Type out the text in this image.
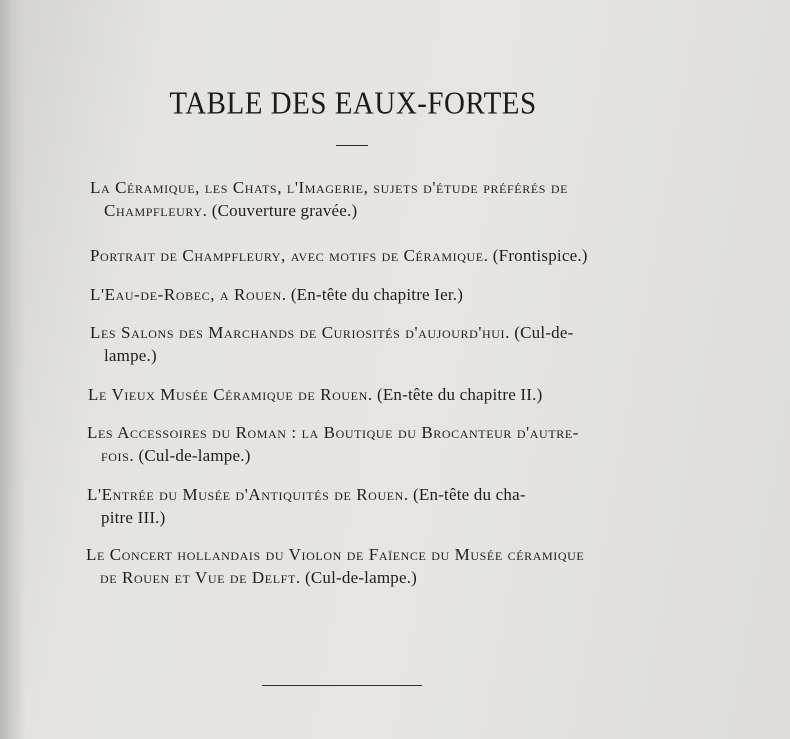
TABLE DES EAUX-FORTES

La Céramique, les Chats, l'Imagerie, sujets d'étude préférés de
Champfleury. (Couverture gravée.)

Portrait de Champfleury, avec motifs de Céramique. (Frontispice.)

L'Eau-de-Robec, a Rouen. (En-tête du chapitre Ier.)

Les Salons des Marchands de Curiosités d'aujourd'hui. (Cul-de-
lampe.)

Le Vieux Musée Céramique de Rouen. (En-tête du chapitre II.)

Les Accessoires du Roman : la Boutique du Brocanteur d'autre-
fois. (Cul-de-lampe.)

L'Entrée du Musée d'Antiquités de Rouen. (En-tête du cha-
pitre III.)

Le Concert hollandais du Violon de Faïence du Musée céramique
de Rouen et Vue de Delft. (Cul-de-lampe.)
